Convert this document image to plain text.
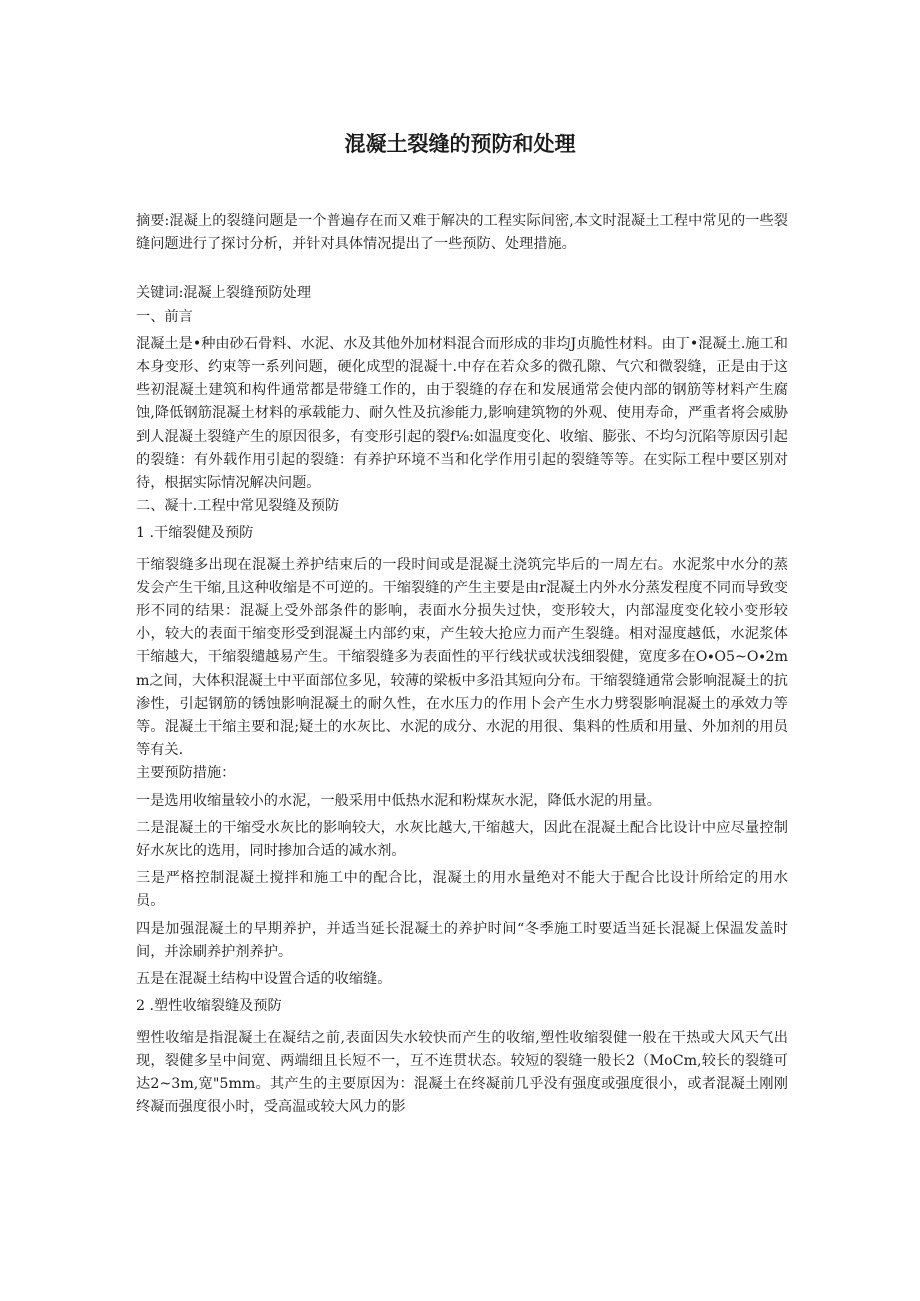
混凝土裂缝的预防和处理

摘要:混凝上的裂缝问题是一个普遍存在而又难于解决的工程实际间密,本文时混凝土工程中常见的一些裂缝问题进行了探讨分析，并针对具体情况提出了一些预防、处理措施。

关键词:混凝上裂缝预防处理

一、前言

混凝土是•种由砂石骨料、水泥、水及其他外加材料混合而形成的非均J贞脆性材料。由丁•混凝土.施工和本身变形、约束等一系列问题，硬化成型的混凝十.中存在若众多的微孔隙、气穴和微裂缝，正是由于这些初混凝土建筑和构件通常都是带缝工作的，由于裂缝的存在和发展通常会使内部的钢筋等材料产生腐蚀,降低钢筋混凝土材料的承载能力、耐久性及抗渗能力,影响建筑物的外观、使用寿命，严重者将会威胁到人混凝土裂缝产生的原因很多，有变形引起的裂f⅛:如温度变化、收缩、膨张、不均匀沉陷等原因引起的裂缝：有外载作用引起的裂缝：有养护环境不当和化学作用引起的裂缝等等。在实际工程中要区别对待，根据实际情况解决问题。

二、凝十.工程中常见裂缝及预防

1 .干缩裂健及预防

干缩裂缝多出现在混凝土养护结束后的一段时间或是混凝土浇筑完毕后的一周左右。水泥浆中水分的蒸发会产生干缩,且这种收缩是不可逆的。干缩裂缝的产生主要是由r混凝土内外水分蒸发程度不同而导致变形不同的结果：混凝上受外部条件的影响，表面水分损失过快，变形较大，内部湿度变化较小变形较小，较大的表面干缩变形受到混凝土内部约束，产生较大抢应力而产生裂缝。相对湿度越低，水泥浆体干缩越大，干缩裂缱越易产生。干缩裂缝多为表面性的平行线状或状浅细裂健，宽度多在O∙O5~O∙2mm之间，大体积混凝土中平面部位多见，较薄的梁板中多沿其短向分布。干缩裂缝通常会影响混凝土的抗渗性，引起钢筋的锈蚀影响混凝土的耐久性，在水压力的作用卜会产生水力劈裂影响混凝土的承效力等等。混凝土干缩主要和混;疑土的水灰比、水泥的成分、水泥的用很、集料的性质和用量、外加剂的用员等有关.

主要预防措施：

一是选用收缩量较小的水泥，一般采用中低热水泥和粉煤灰水泥，降低水泥的用量。

二是混凝土的干缩受水灰比的影响较大，水灰比越大,干缩越大，因此在混凝土配合比设计中应尽量控制好水灰比的选用，同时掺加合适的减水剂。

三是严格控制混凝土搅拌和施工中的配合比，混凝土的用水量绝对不能大于配合比设计所给定的用水员。

四是加强混凝土的早期养护，并适当延长混凝土的养护时间“冬季施工时要适当延长混凝上保温发盖时间，并涂刷养护剂养护。

五是在混凝土结构中设置合适的收缩缝。

2 .塑性收缩裂缝及预防

塑性收缩是指混凝土在凝结之前,表面因失水较快而产生的收缩,塑性收缩裂健一般在干热或大风天气出现，裂健多呈中间宽、两端细且长短不一，互不连贯状态。较短的裂缝一般长2（MoCm,较长的裂缝可达2~3m,宽"5mm。其产生的主要原因为：混凝土在终凝前几乎没有强度或强度很小，或者混凝土刚刚终凝而强度很小时，受高温或较大风力的影
